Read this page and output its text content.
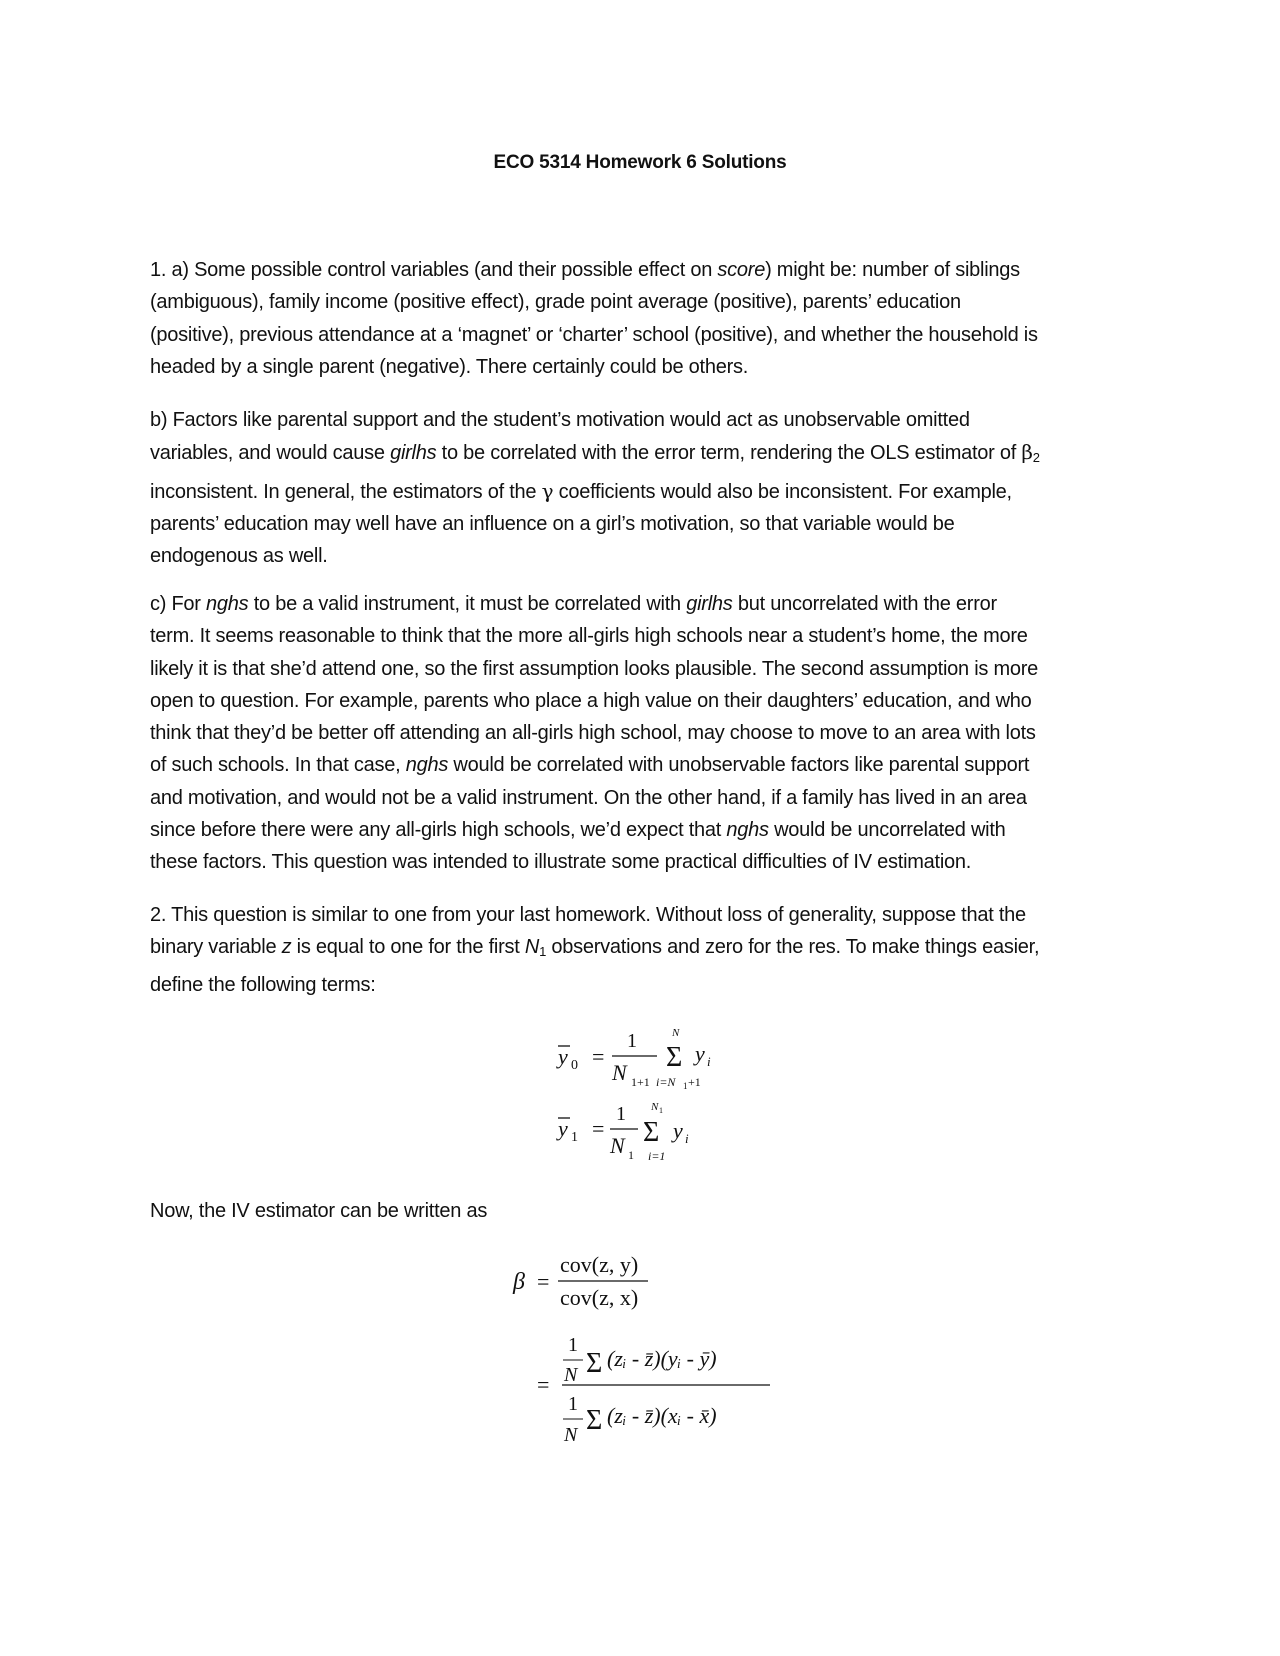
ECO 5314 Homework 6 Solutions

1. a) Some possible control variables (and their possible effect on score) might be: number of siblings
(ambiguous), family income (positive effect), grade point average (positive), parents’ education
(positive), previous attendance at a ‘magnet’ or ‘charter’ school (positive), and whether the household is
headed by a single parent (negative). There certainly could be others.

b) Factors like parental support and the student’s motivation would act as unobservable omitted
variables, and would cause girlhs to be correlated with the error term, rendering the OLS estimator of $\beta_2$
inconsistent. In general, the estimators of the γ coefficients would also be inconsistent. For example,
parents’ education may well have an influence on a girl’s motivation, so that variable would be
endogenous as well.

c) For nghs to be a valid instrument, it must be correlated with girlhs but uncorrelated with the error
term. It seems reasonable to think that the more all-girls high schools near a student’s home, the more
likely it is that she’d attend one, so the first assumption looks plausible. The second assumption is more
open to question. For example, parents who place a high value on their daughters’ education, and who
think that they’d be better off attending an all-girls high school, may choose to move to an area with lots
of such schools. In that case, nghs would be correlated with unobservable factors like parental support
and motivation, and would not be a valid instrument. On the other hand, if a family has lived in an area
since before there were any all-girls high schools, we’d expect that nghs would be uncorrelated with
these factors. This question was intended to illustrate some practical difficulties of IV estimation.

2. This question is similar to one from your last homework. Without loss of generality, suppose that the
binary variable z is equal to one for the first $N_1$ observations and zero for the res. To make things easier,
define the following terms:

y 0 =
1
N 1+1
N
Σ
i=N 1 +1
y i
y 1 =
1
N 1
N 1
Σ
i=1
y i

Now, the IV estimator can be written as

β =
cov(z, y)
cov(z, x)
=
1
N Σ (zᵢ - z̄)(yᵢ - ȳ)
1
N Σ (zᵢ - z̄)(xᵢ - x̄)
